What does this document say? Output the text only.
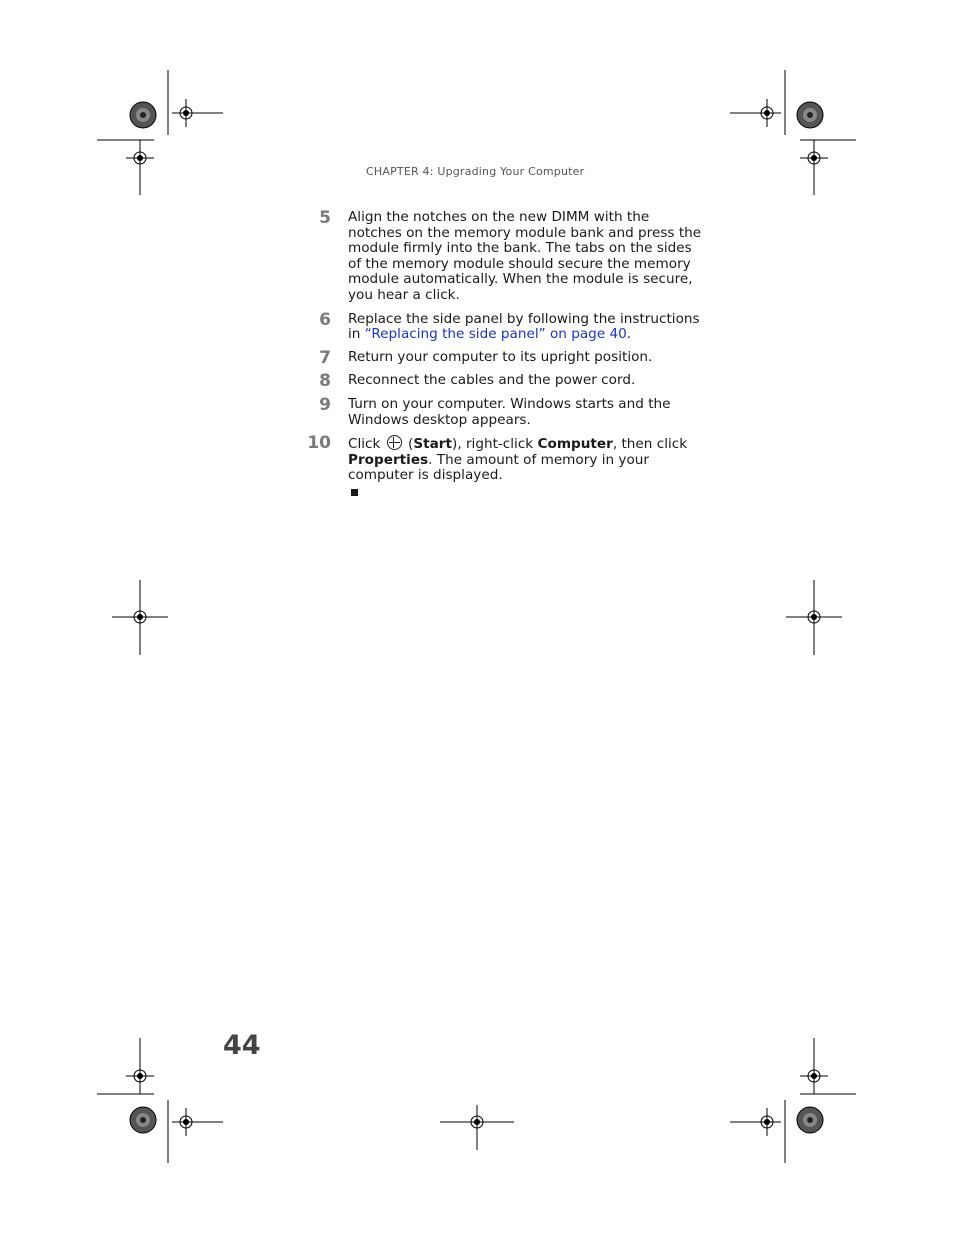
CHAPTER 4: Upgrading Your Computer
5 Align the notches on the new DIMM with the notches on the memory module bank and press the module firmly into the bank. The tabs on the sides of the memory module should secure the memory module automatically. When the module is secure, you hear a click.
6 Replace the side panel by following the instructions in “Replacing the side panel” on page 40.
7 Return your computer to its upright position.
8 Reconnect the cables and the power cord.
9 Turn on your computer. Windows starts and the Windows desktop appears.
10 Click  (Start), right-click Computer, then click Properties. The amount of memory in your computer is displayed.
44
